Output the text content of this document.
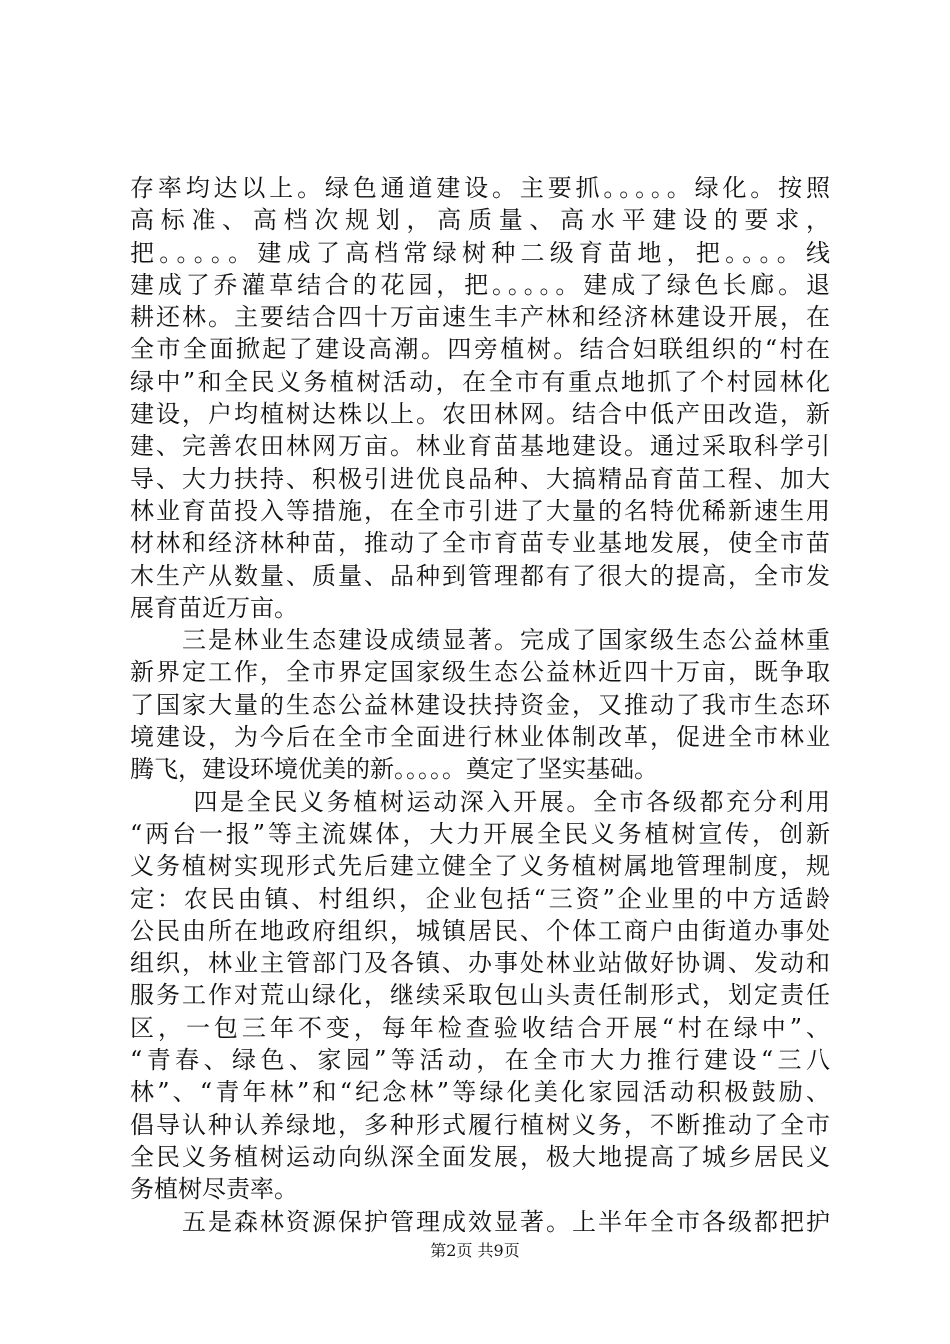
存率均达以上。绿色通道建设。主要抓。。。。。绿化。按照
高标准、高档次规划，高质量、高水平建设的要求，
把。。。。。建成了高档常绿树种二级育苗地，把。。。。线
建成了乔灌草结合的花园，把。。。。。建成了绿色长廊。退
耕还林。主要结合四十万亩速生丰产林和经济林建设开展，在
全市全面掀起了建设高潮。四旁植树。结合妇联组织的“村在
绿中”和全民义务植树活动，在全市有重点地抓了个村园林化
建设，户均植树达株以上。农田林网。结合中低产田改造，新
建、完善农田林网万亩。林业育苗基地建设。通过采取科学引
导、大力扶持、积极引进优良品种、大搞精品育苗工程、加大
林业育苗投入等措施，在全市引进了大量的名特优稀新速生用
材林和经济林种苗，推动了全市育苗专业基地发展，使全市苗
木生产从数量、质量、品种到管理都有了很大的提高，全市发
展育苗近万亩。
　　三是林业生态建设成绩显著。完成了国家级生态公益林重
新界定工作，全市界定国家级生态公益林近四十万亩，既争取
了国家大量的生态公益林建设扶持资金，又推动了我市生态环
境建设，为今后在全市全面进行林业体制改革，促进全市林业
腾飞，建设环境优美的新。。。。。奠定了坚实基础。
　　 四是全民义务植树运动深入开展。全市各级都充分利用
“两台一报”等主流媒体，大力开展全民义务植树宣传，创新
义务植树实现形式先后建立健全了义务植树属地管理制度，规
定：农民由镇、村组织，企业包括“三资”企业里的中方适龄
公民由所在地政府组织，城镇居民、个体工商户由街道办事处
组织，林业主管部门及各镇、办事处林业站做好协调、发动和
服务工作对荒山绿化，继续采取包山头责任制形式，划定责任
区，一包三年不变，每年检查验收结合开展“村在绿中”、
“青春、绿色、家园”等活动，在全市大力推行建设“三八
林”、“青年林”和“纪念林”等绿化美化家园活动积极鼓励、
倡导认种认养绿地，多种形式履行植树义务，不断推动了全市
全民义务植树运动向纵深全面发展，极大地提高了城乡居民义
务植树尽责率。
　　五是森林资源保护管理成效显著。上半年全市各级都把护
第2页 共9页
